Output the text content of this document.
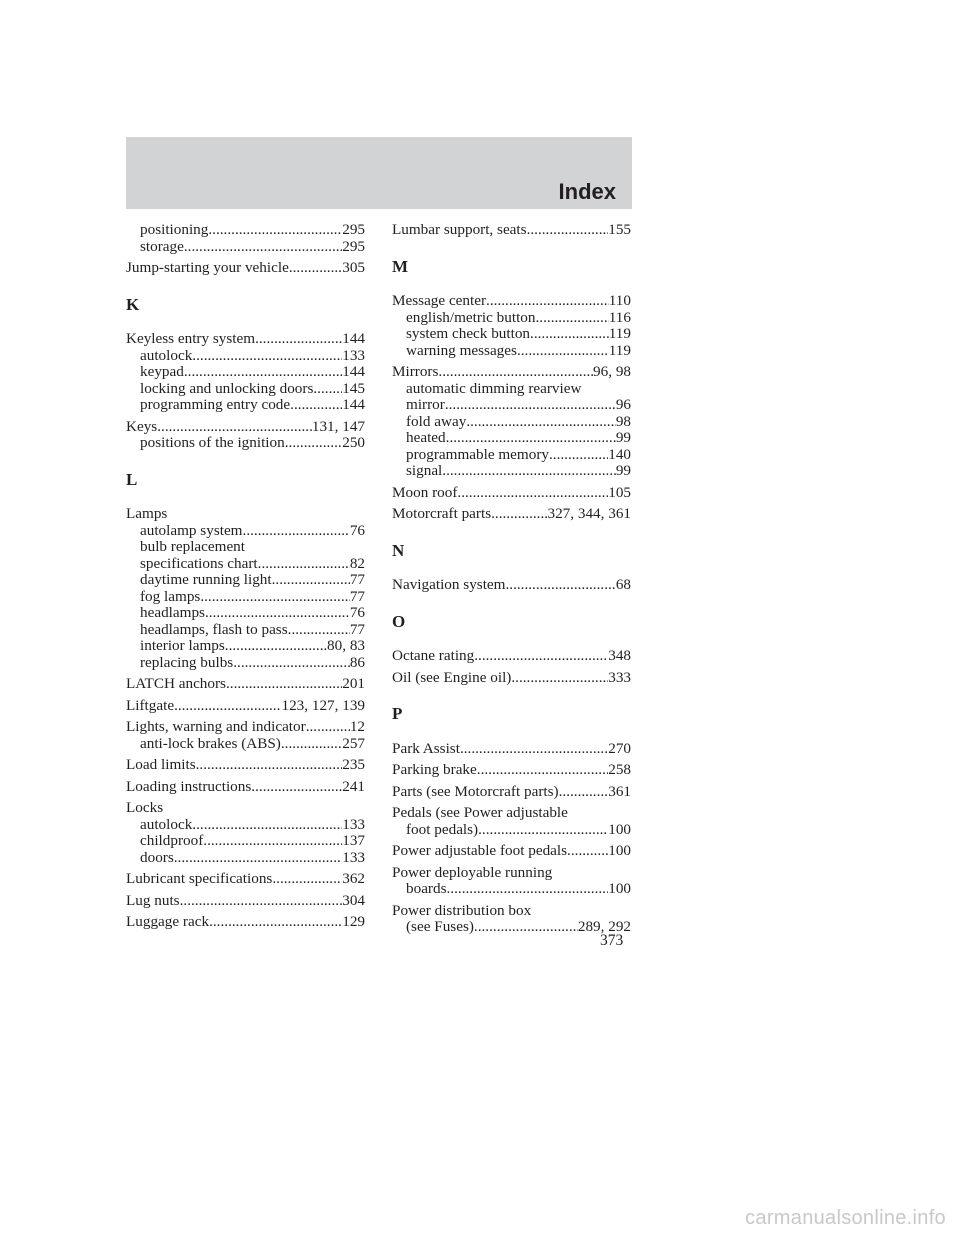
Index
positioning .....	295
storage .....	295
Jump-starting your vehicle .....	305
K
Keyless entry system .....	144
autolock .....	133
keypad .....	144
locking and unlocking doors ..... 145
programming entry code .....	144
Keys .....	131, 147
positions of the ignition .....	250
L
Lamps
autolamp system .....	76
bulb replacement
specifications chart .....	82
daytime running light .....	77
fog lamps .....	77
headlamps .....	76
headlamps, flash to pass .....	77
interior lamps .....	80, 83
replacing bulbs .....	86
LATCH anchors .....	201
Liftgate .....	123, 127, 139
Lights, warning and indicator .....	12
anti-lock brakes (ABS) .....	257
Load limits .....	235
Loading instructions .....	241
Locks
autolock .....	133
childproof .....	137
doors .....	133
Lubricant specifications .....	362
Lug nuts .....	304
Luggage rack .....	129
Lumbar support, seats .....	155
M
Message center .....	110
english/metric button .....	116
system check button .....	119
warning messages .....	119
Mirrors .....	96, 98
automatic dimming rearview
mirror .....	96
fold away .....	98
heated .....	99
programmable memory .....	140
signal .....	99
Moon roof .....	105
Motorcraft parts .....	327, 344, 361
N
Navigation system .....	68
O
Octane rating .....	348
Oil (see Engine oil) .....	333
P
Park Assist .....	270
Parking brake .....	258
Parts (see Motorcraft parts) .....	361
Pedals (see Power adjustable
foot pedals) .....	100
Power adjustable foot pedals .....	100
Power deployable running
boards .....	100
Power distribution box
(see Fuses) .....	289, 292
373
carmanualsonline.info
